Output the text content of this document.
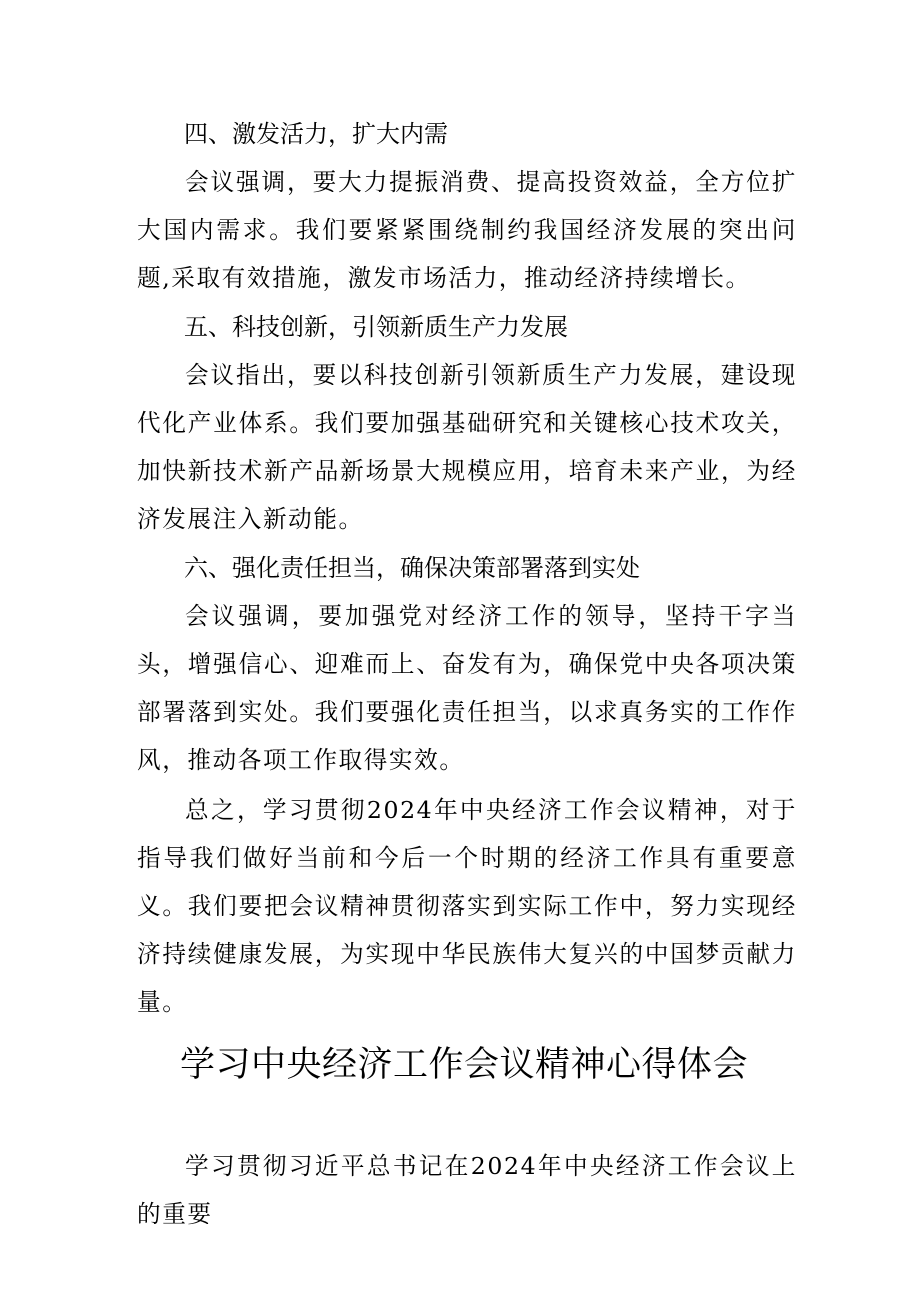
四、激发活力，扩大内需

会议强调，要大力提振消费、提高投资效益，全方位扩大国内需求。我们要紧紧围绕制约我国经济发展的突出问题,采取有效措施，激发市场活力，推动经济持续增长。

五、科技创新，引领新质生产力发展

会议指出，要以科技创新引领新质生产力发展，建设现代化产业体系。我们要加强基础研究和关键核心技术攻关，加快新技术新产品新场景大规模应用，培育未来产业，为经济发展注入新动能。

六、强化责任担当，确保决策部署落到实处

会议强调，要加强党对经济工作的领导，坚持干字当头，增强信心、迎难而上、奋发有为，确保党中央各项决策部署落到实处。我们要强化责任担当，以求真务实的工作作风，推动各项工作取得实效。

总之，学习贯彻2024年中央经济工作会议精神，对于指导我们做好当前和今后一个时期的经济工作具有重要意义。我们要把会议精神贯彻落实到实际工作中，努力实现经济持续健康发展，为实现中华民族伟大复兴的中国梦贡献力量。

学习中央经济工作会议精神心得体会

学习贯彻习近平总书记在2024年中央经济工作会议上的重要
